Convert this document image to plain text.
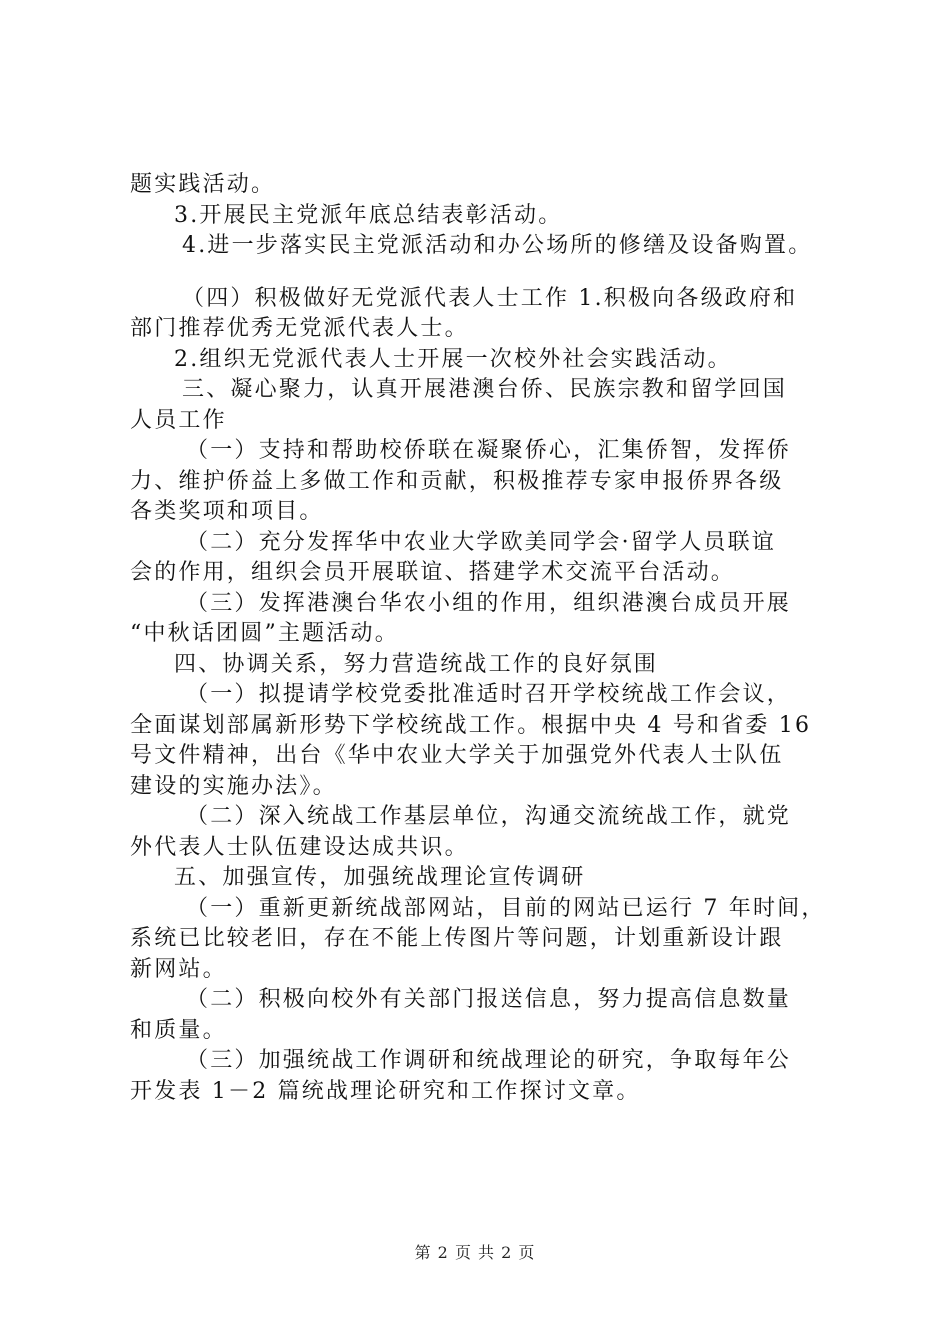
题实践活动。
3.开展民主党派年底总结表彰活动。
4.进一步落实民主党派活动和办公场所的修缮及设备购置。
（四）积极做好无党派代表人士工作 1.积极向各级政府和
部门推荐优秀无党派代表人士。
2.组织无党派代表人士开展一次校外社会实践活动。
三、凝心聚力，认真开展港澳台侨、民族宗教和留学回国
人员工作
（一）支持和帮助校侨联在凝聚侨心，汇集侨智，发挥侨
力、维护侨益上多做工作和贡献，积极推荐专家申报侨界各级
各类奖项和项目。
（二）充分发挥华中农业大学欧美同学会·留学人员联谊
会的作用，组织会员开展联谊、搭建学术交流平台活动。
（三）发挥港澳台华农小组的作用，组织港澳台成员开展
“中秋话团圆”主题活动。
四、协调关系，努力营造统战工作的良好氛围
（一）拟提请学校党委批准适时召开学校统战工作会议，
全面谋划部属新形势下学校统战工作。根据中央 4 号和省委 16
号文件精神，出台《华中农业大学关于加强党外代表人士队伍
建设的实施办法》。
（二）深入统战工作基层单位，沟通交流统战工作，就党
外代表人士队伍建设达成共识。
五、加强宣传，加强统战理论宣传调研
（一）重新更新统战部网站，目前的网站已运行 7 年时间，
系统已比较老旧，存在不能上传图片等问题，计划重新设计跟
新网站。
（二）积极向校外有关部门报送信息，努力提高信息数量
和质量。
（三）加强统战工作调研和统战理论的研究，争取每年公
开发表 1－2 篇统战理论研究和工作探讨文章。
第 2 页 共 2 页
